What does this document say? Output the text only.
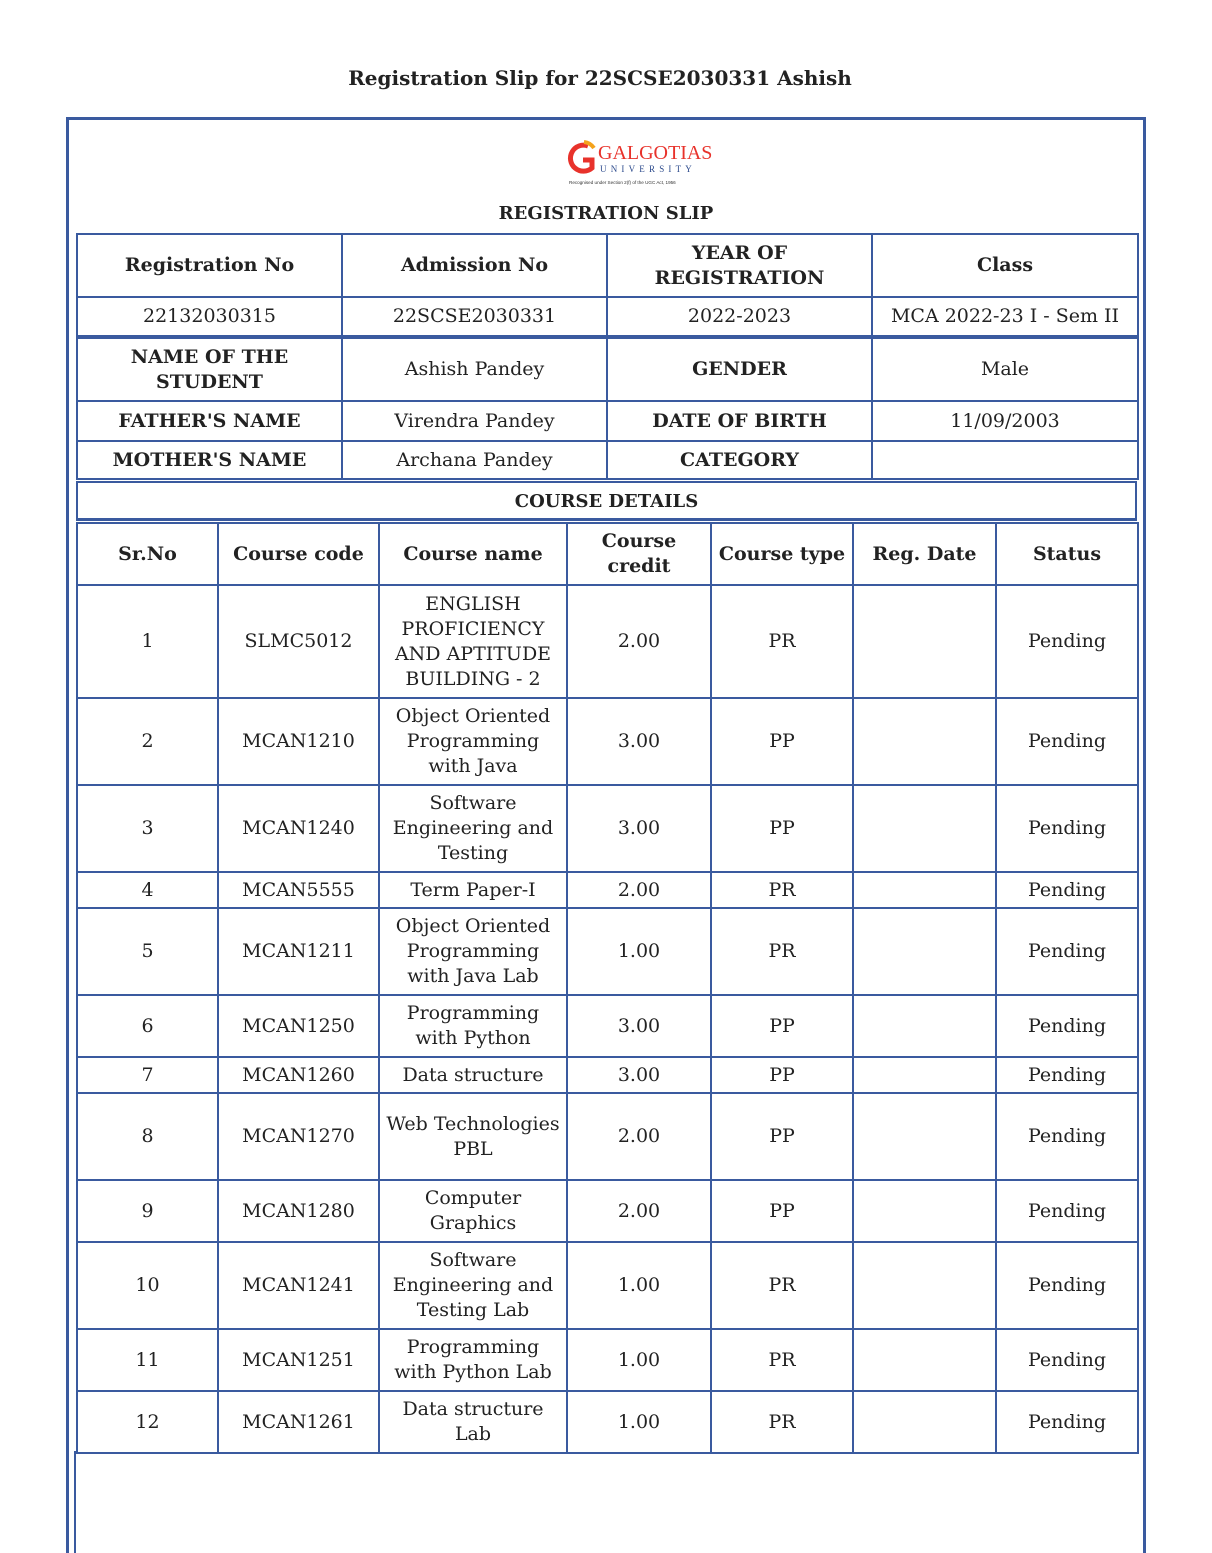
Registration Slip for 22SCSE2030331 Ashish
GALGOTIAS
UNIVERSITY
Recognised under Section 2(f) of the UGC Act, 1956
REGISTRATION SLIP
Registration No	Admission No	YEAR OF REGISTRATION	Class
22132030315	22SCSE2030331	2022-2023	MCA 2022-23 I - Sem II
NAME OF THE STUDENT	Ashish Pandey	GENDER	Male
FATHER'S NAME	Virendra Pandey	DATE OF BIRTH	11/09/2003
MOTHER'S NAME	Archana Pandey	CATEGORY	
COURSE DETAILS
Sr.No	Course code	Course name	Course credit	Course type	Reg. Date	Status
1	SLMC5012	ENGLISH PROFICIENCY AND APTITUDE BUILDING - 2	2.00	PR		Pending
2	MCAN1210	Object Oriented Programming with Java	3.00	PP		Pending
3	MCAN1240	Software Engineering and Testing	3.00	PP		Pending
4	MCAN5555	Term Paper-I	2.00	PR		Pending
5	MCAN1211	Object Oriented Programming with Java Lab	1.00	PR		Pending
6	MCAN1250	Programming with Python	3.00	PP		Pending
7	MCAN1260	Data structure	3.00	PP		Pending
8	MCAN1270	Web Technologies PBL	2.00	PP		Pending
9	MCAN1280	Computer Graphics	2.00	PP		Pending
10	MCAN1241	Software Engineering and Testing Lab	1.00	PR		Pending
11	MCAN1251	Programming with Python Lab	1.00	PR		Pending
12	MCAN1261	Data structure Lab	1.00	PR		Pending
